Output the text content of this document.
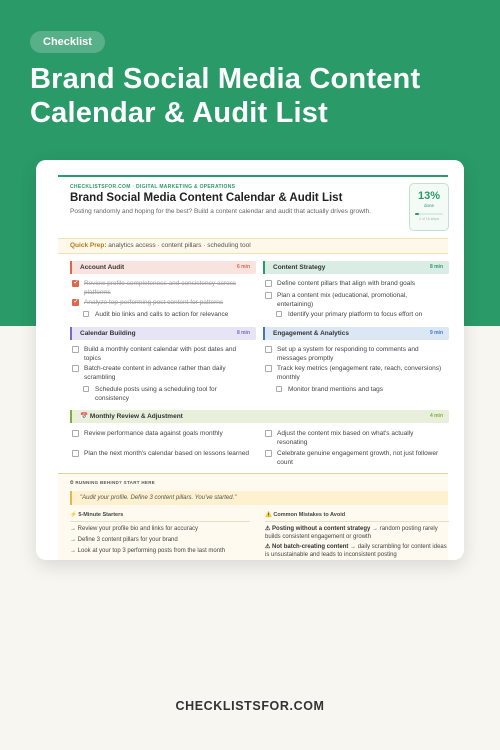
Checklist
Brand Social Media Content Calendar & Audit List
CHECKLISTSFOR.COM · DIGITAL MARKETING & OPERATIONS
Brand Social Media Content Calendar & Audit List
Posting randomly and hoping for the best? Build a content calendar and audit that actually drives growth.
13%
done
2 of 16 steps
Quick Prep: analytics access · content pillars · scheduling tool
Account Audit	6 min
✓
Review profile completeness and consistency across platforms
✓
Analyze top-performing post content for patterns
Audit bio links and calls to action for relevance
Content Strategy	8 min
Define content pillars that align with brand goals
Plan a content mix (educational, promotional, entertaining)
Identify your primary platform to focus effort on
Calendar Building	8 min
Build a monthly content calendar with post dates and topics
Batch-create content in advance rather than daily scrambling
Schedule posts using a scheduling tool for consistency
Engagement & Analytics	9 min
Set up a system for responding to comments and messages promptly
Track key metrics (engagement rate, reach, conversions) monthly
Monitor brand mentions and tags
📅 Monthly Review & Adjustment	4 min
Review performance data against goals monthly	Adjust the content mix based on what's actually resonating
Plan the next month's calendar based on lessons learned	Celebrate genuine engagement growth, not just follower count
⏱ RUNNING BEHIND? START HERE
"Audit your profile. Define 3 content pillars. You've started."
⚡ 5-Minute Starters
→ Review your profile bio and links for accuracy
→ Define 3 content pillars for your brand
→ Look at your top 3 performing posts from the last month
⚠️ Common Mistakes to Avoid
⚠ Posting without a content strategy → random posting rarely builds consistent engagement or growth
⚠ Not batch-creating content → daily scrambling for content ideas is unsustainable and leads to inconsistent posting
CHECKLISTSFOR.COM
